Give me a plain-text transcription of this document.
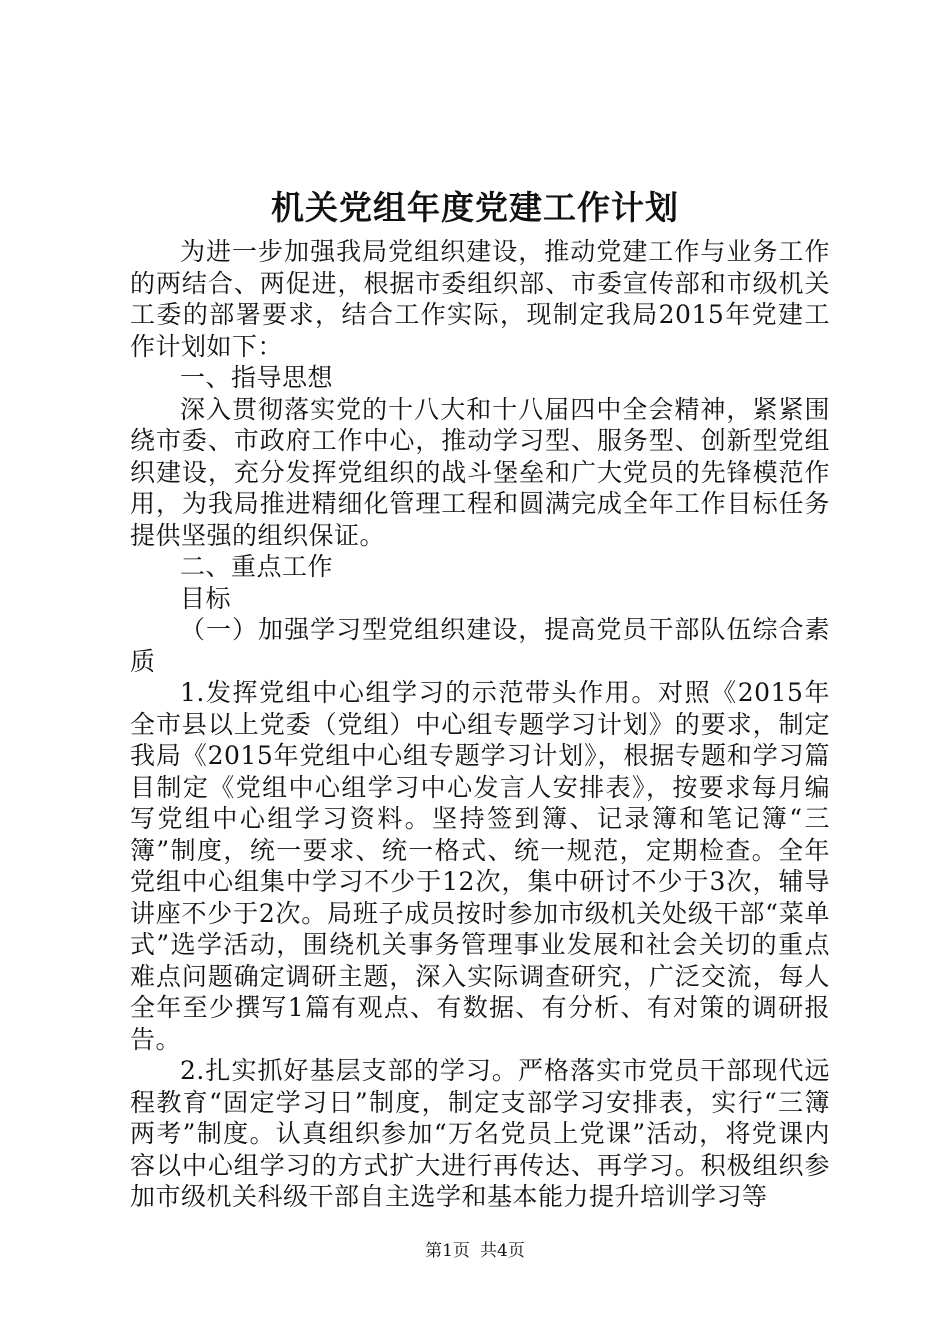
机关党组年度党建工作计划

为进一步加强我局党组织建设，推动党建工作与业务工作的两结合、两促进，根据市委组织部、市委宣传部和市级机关工委的部署要求，结合工作实际，现制定我局2015年党建工作计划如下：

一、指导思想

深入贯彻落实党的十八大和十八届四中全会精神，紧紧围绕市委、市政府工作中心，推动学习型、服务型、创新型党组织建设，充分发挥党组织的战斗堡垒和广大党员的先锋模范作用，为我局推进精细化管理工程和圆满完成全年工作目标任务提供坚强的组织保证。

二、重点工作

目标

（一）加强学习型党组织建设，提高党员干部队伍综合素质

1.发挥党组中心组学习的示范带头作用。对照《2015年全市县以上党委（党组）中心组专题学习计划》的要求，制定我局《2015年党组中心组专题学习计划》，根据专题和学习篇目制定《党组中心组学习中心发言人安排表》，按要求每月编写党组中心组学习资料。坚持签到簿、记录簿和笔记簿“三簿”制度，统一要求、统一格式、统一规范，定期检查。全年党组中心组集中学习不少于12次，集中研讨不少于3次，辅导讲座不少于2次。局班子成员按时参加市级机关处级干部“菜单式”选学活动，围绕机关事务管理事业发展和社会关切的重点难点问题确定调研主题，深入实际调查研究，广泛交流，每人全年至少撰写1篇有观点、有数据、有分析、有对策的调研报告。

2.扎实抓好基层支部的学习。严格落实市党员干部现代远程教育“固定学习日”制度，制定支部学习安排表，实行“三簿两考”制度。认真组织参加“万名党员上党课”活动，将党课内容以中心组学习的方式扩大进行再传达、再学习。积极组织参加市级机关科级干部自主选学和基本能力提升培训学习等

第1页 共4页
